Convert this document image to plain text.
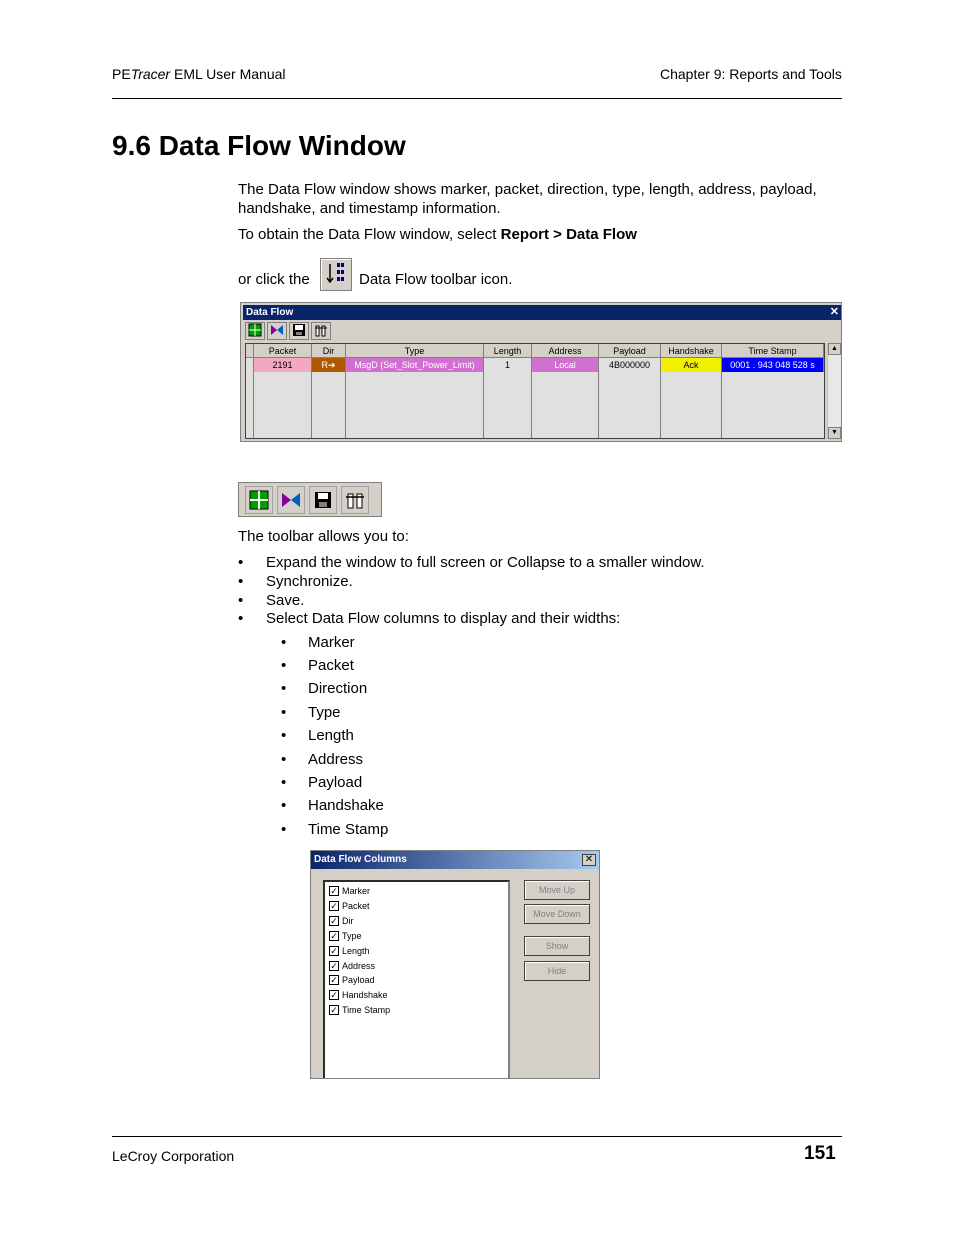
PETracer EML User Manual	Chapter 9: Reports and Tools
9.6 Data Flow Window
The Data Flow window shows marker, packet, direction, type, length, address, payload, handshake, and timestamp information.
To obtain the Data Flow window, select Report > Data Flow
or click the	Data Flow toolbar icon.
Data Flow	✕
Packet	Dir	Type	Length	Address	Payload	Handshake	Time Stamp
2191	R➔	MsgD (Set_Slot_Power_Limit)	1	Local	4B000000	Ack	0001 . 943 048 528 s
▲
▼
The toolbar allows you to:
• Expand the window to full screen or Collapse to a smaller window.
• Synchronize.
• Save.
• Select Data Flow columns to display and their widths:
• Marker
• Packet
• Direction
• Type
• Length
• Address
• Payload
• Handshake
• Time Stamp
Data Flow Columns	✕
✓ Marker
✓ Packet
✓ Dir
✓ Type
✓ Length
✓ Address
✓ Payload
✓ Handshake
✓ Time Stamp
Move Up
Move Down
Show
Hide
LeCroy Corporation	151
